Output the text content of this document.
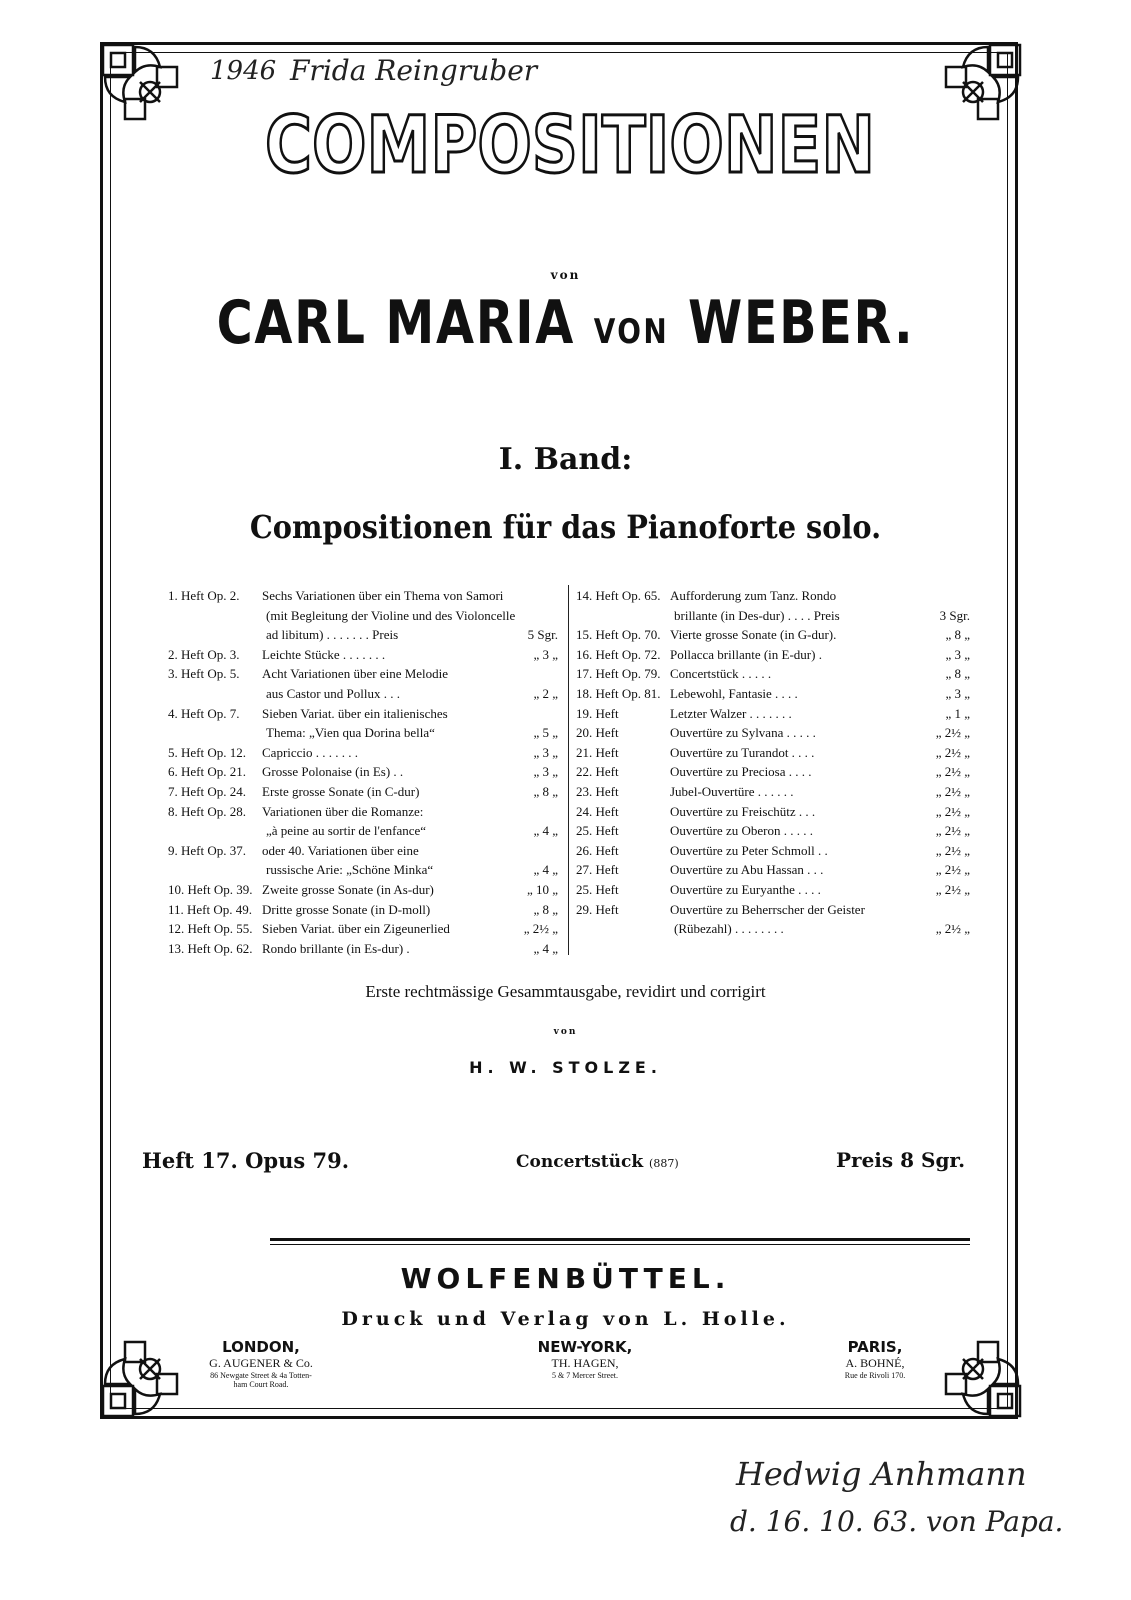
1946 Frida Reingruber
COMPOSITIONEN
von
CARL MARIA VON WEBER.
I. Band:
Compositionen für das Pianoforte solo.
1. Heft Op. 2.	Sechs Variationen über ein Thema von Samori
(mit Begleitung der Violine und des Violoncelle
ad libitum) . . . . . . . Preis	5 Sgr.
2. Heft Op. 3.	Leichte Stücke . . . . . . .	„ 3 „
3. Heft Op. 5.	Acht Variationen über eine Melodie
aus Castor und Pollux . . .	„ 2 „
4. Heft Op. 7.	Sieben Variat. über ein italienisches
Thema: „Vien qua Dorina bella“	„ 5 „
5. Heft Op. 12.	Capriccio . . . . . . .	„ 3 „
6. Heft Op. 21.	Grosse Polonaise (in Es) . .	„ 3 „
7. Heft Op. 24.	Erste grosse Sonate (in C-dur)	„ 8 „
8. Heft Op. 28.	Variationen über die Romanze:
„à peine au sortir de l'enfance“	„ 4 „
9. Heft Op. 37.	oder 40. Variationen über eine
russische Arie: „Schöne Minka“	„ 4 „
10. Heft Op. 39. Zweite grosse Sonate (in As-dur)	„ 10 „
11. Heft Op. 49. Dritte grosse Sonate (in D-moll)	„ 8 „
12. Heft Op. 55. Sieben Variat. über ein Zigeunerlied	„ 2½ „
13. Heft Op. 62. Rondo brillante (in Es-dur) .	„ 4 „
14. Heft Op. 65. Aufforderung zum Tanz. Rondo
brillante (in Des-dur) . . . . Preis	3 Sgr.
15. Heft Op. 70. Vierte grosse Sonate (in G-dur).	„ 8 „
16. Heft Op. 72. Pollacca brillante (in E-dur) .	„ 3 „
17. Heft Op. 79. Concertstück . . . . .	„ 8 „
18. Heft Op. 81. Lebewohl, Fantasie . . . .	„ 3 „
19. Heft	Letzter Walzer . . . . . . .	„ 1 „
20. Heft	Ouvertüre zu Sylvana . . . . .	„ 2½ „
21. Heft	Ouvertüre zu Turandot . . . .	„ 2½ „
22. Heft	Ouvertüre zu Preciosa . . . .	„ 2½ „
23. Heft	Jubel-Ouvertüre . . . . . .	„ 2½ „
24. Heft	Ouvertüre zu Freischütz . . .	„ 2½ „
25. Heft	Ouvertüre zu Oberon . . . . .	„ 2½ „
26. Heft	Ouvertüre zu Peter Schmoll . .	„ 2½ „
27. Heft	Ouvertüre zu Abu Hassan . . .	„ 2½ „
25. Heft	Ouvertüre zu Euryanthe . . . .	„ 2½ „
29. Heft	Ouvertüre zu Beherrscher der Geister
(Rübezahl) . . . . . . . .	„ 2½ „
Erste rechtmässige Gesammtausgabe, revidirt und corrigirt
von
H. W. STOLZE.
Heft 17. Opus 79.	Concertstück (887)	Preis 8 Sgr.
WOLFENBÜTTEL.
Druck und Verlag von L. Holle.
LONDON,
G. AUGENER & Co.
86 Newgate Street & 4a Totten-
ham Court Road.
NEW-YORK,
TH. HAGEN,
5 & 7 Mercer Street.
PARIS,
A. BOHNÉ,
Rue de Rivoli 170.
Hedwig Anhmann
d. 16. 10. 63. von Papa.
